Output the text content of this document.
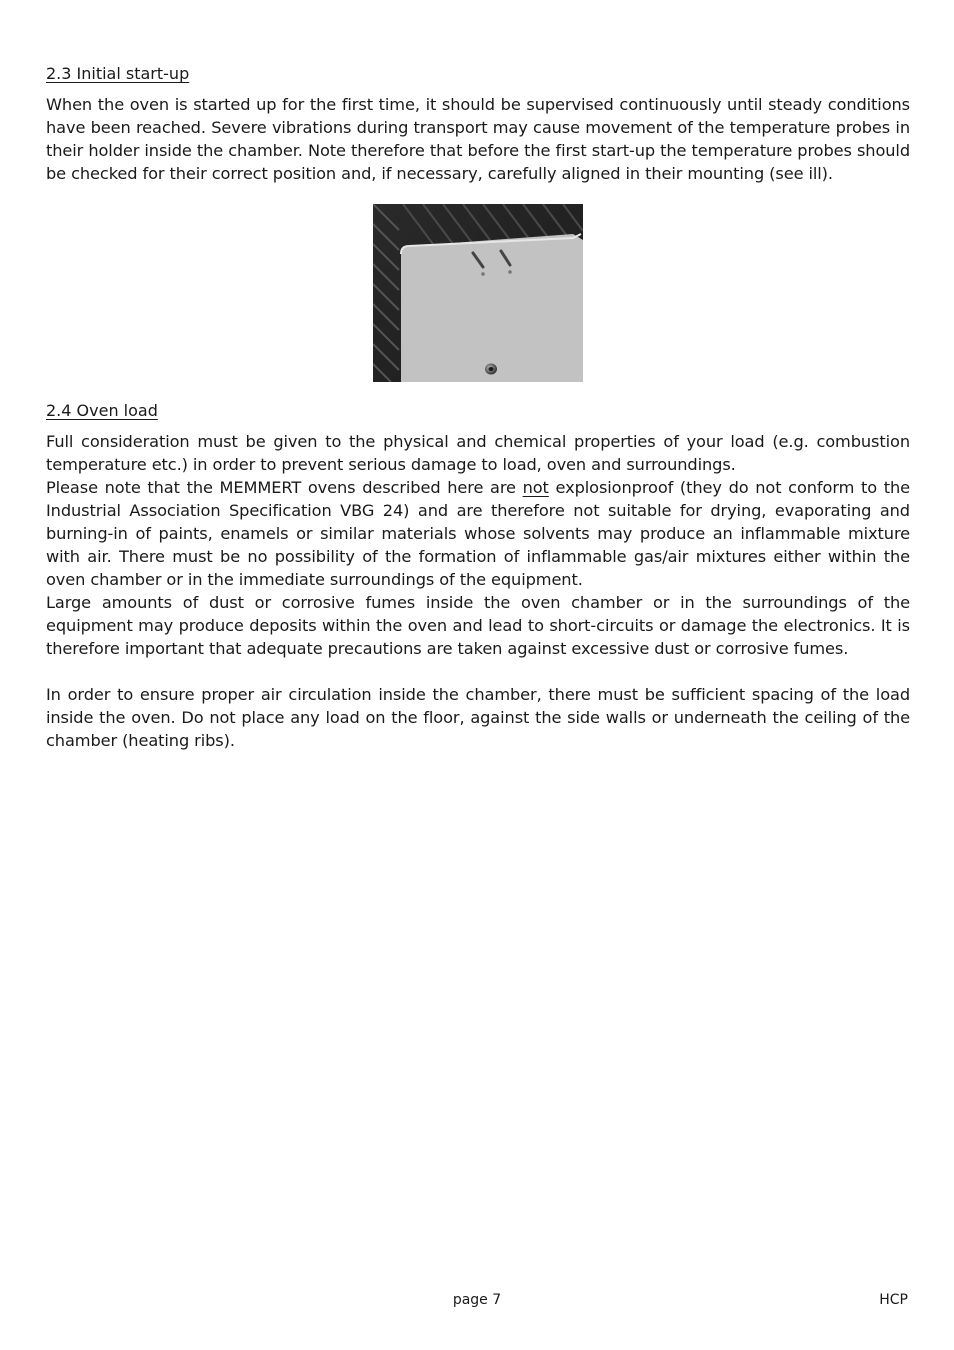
2.3 Initial start-up

When the oven is started up for the first time, it should be supervised continuously until steady conditions have been reached. Severe vibrations during transport may cause movement of the temperature probes in their holder inside the chamber. Note therefore that before the first start-up the temperature probes should be checked for their correct position and, if necessary, carefully aligned in their mounting (see ill).

2.4 Oven load

Full consideration must be given to the physical and chemical properties of your load (e.g. combustion temperature etc.) in order to prevent serious damage to load, oven and surroundings.

Please note that the MEMMERT ovens described here are not explosionproof (they do not conform to the Industrial Association Specification VBG 24) and are therefore not suitable for drying, evaporating and burning-in of paints, enamels or similar materials whose solvents may produce an inflammable mixture with air. There must be no possibility of the formation of inflammable gas/air mixtures either within the oven chamber or in the immediate surroundings of the equipment.

Large amounts of dust or corrosive fumes inside the oven chamber or in the surroundings of the equipment may produce deposits within the oven and lead to short-circuits or damage the electronics. It is therefore important that adequate precautions are taken against excessive dust or corrosive fumes.

In order to ensure proper air circulation inside the chamber, there must be sufficient spacing of the load inside the oven. Do not place any load on the floor, against the side walls or underneath the ceiling of the chamber (heating ribs).

page 7	HCP
